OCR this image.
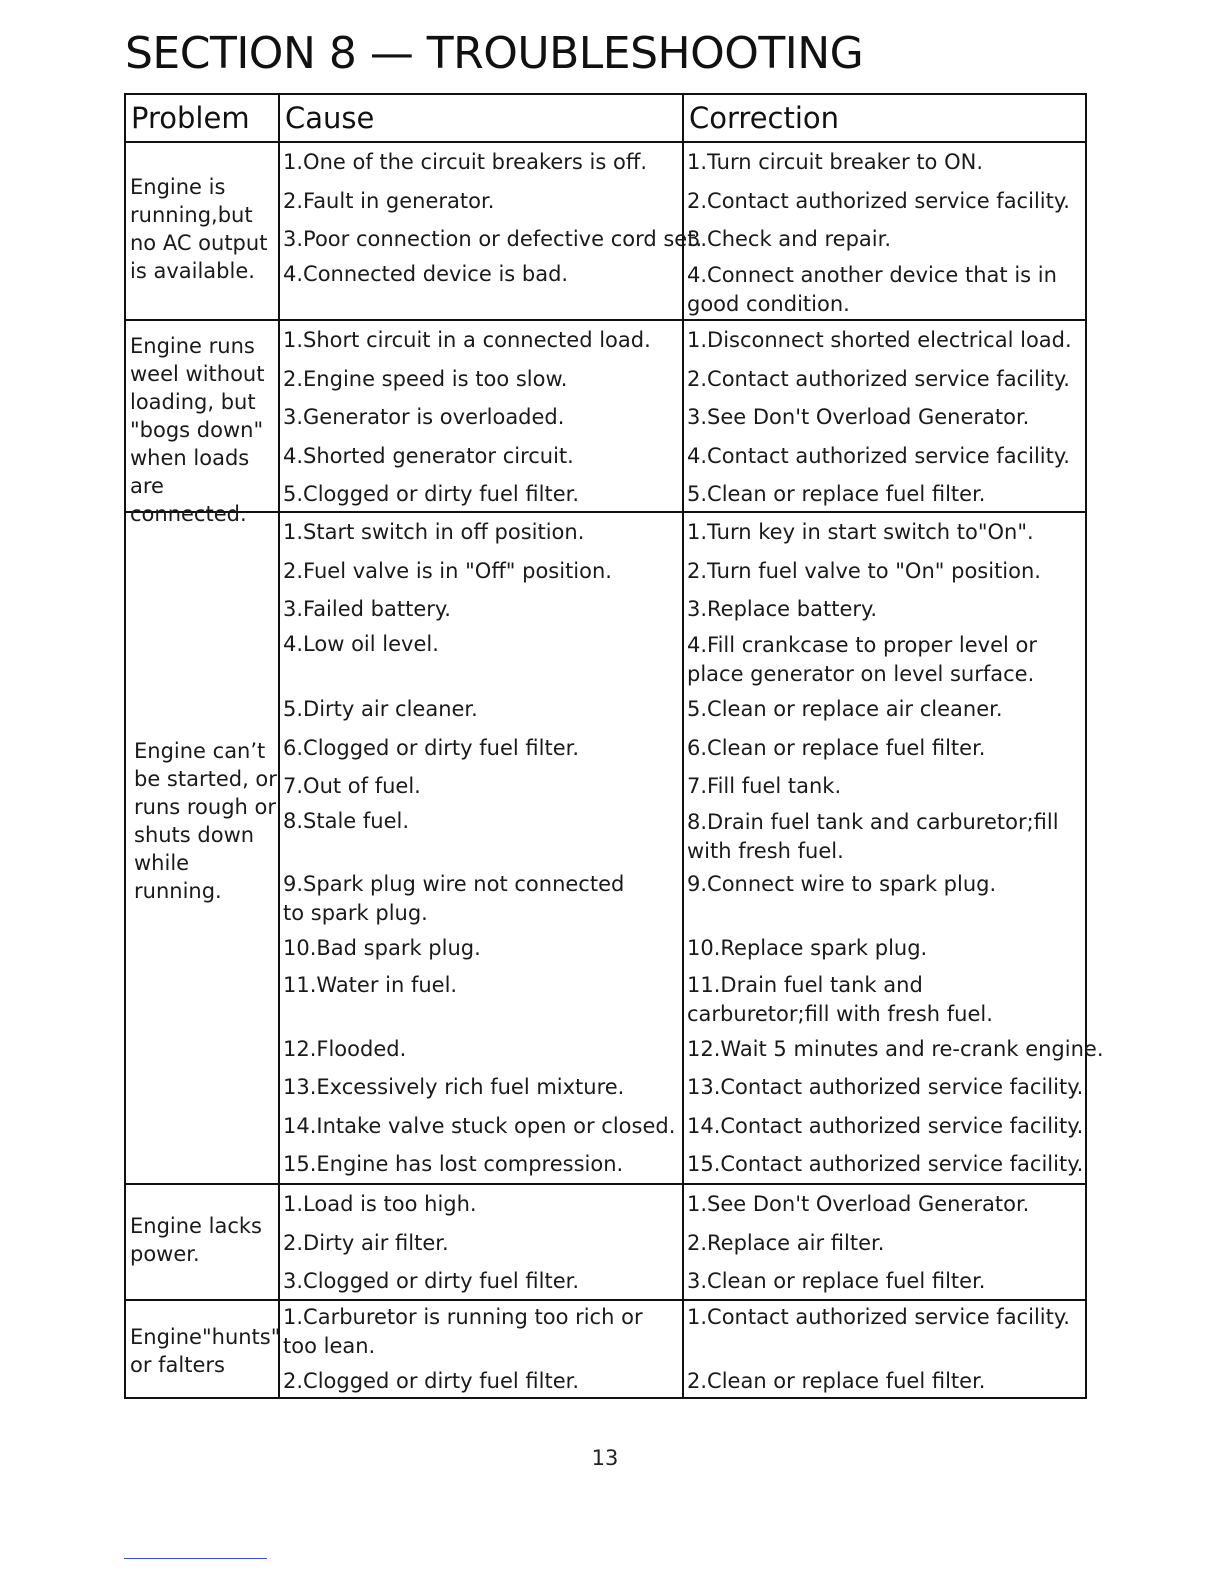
SECTION 8 — TROUBLESHOOTING
Problem	Cause	Correction
Engine is running,but no AC output is available.
1.One of the circuit breakers is off.
2.Fault in generator.
3.Poor connection or defective cord set.
4.Connected device is bad.
1.Turn circuit breaker to ON.
2.Contact authorized service facility.
3.Check and repair.
4.Connect another device that is in good condition.
Engine runs weel without loading, but "bogs down" when loads are connected.
1.Short circuit in a connected load.
2.Engine speed is too slow.
3.Generator is overloaded.
4.Shorted generator circuit.
5.Clogged or dirty fuel filter.
1.Disconnect shorted electrical load.
2.Contact authorized service facility.
3.See Don't Overload Generator.
4.Contact authorized service facility.
5.Clean or replace fuel filter.
Engine can’t be started, or runs rough or shuts down while running.
1.Start switch in off position.
2.Fuel valve is in "Off" position.
3.Failed battery.
4.Low oil level.
5.Dirty air cleaner.
6.Clogged or dirty fuel filter.
7.Out of fuel.
8.Stale fuel.
9.Spark plug wire not connected to spark plug.
10.Bad spark plug.
11.Water in fuel.
12.Flooded.
13.Excessively rich fuel mixture.
14.Intake valve stuck open or closed.
15.Engine has lost compression.
1.Turn key in start switch to"On".
2.Turn fuel valve to "On" position.
3.Replace battery.
4.Fill crankcase to proper level or place generator on level surface.
5.Clean or replace air cleaner.
6.Clean or replace fuel filter.
7.Fill fuel tank.
8.Drain fuel tank and carburetor;fill with fresh fuel.
9.Connect wire to spark plug.
10.Replace spark plug.
11.Drain fuel tank and carburetor;fill with fresh fuel.
12.Wait 5 minutes and re-crank engine.
13.Contact authorized service facility.
14.Contact authorized service facility.
15.Contact authorized service facility.
Engine lacks power.
1.Load is too high.
2.Dirty air filter.
3.Clogged or dirty fuel filter.
1.See Don't Overload Generator.
2.Replace air filter.
3.Clean or replace fuel filter.
Engine"hunts" or falters
1.Carburetor is running too rich or too lean.
2.Clogged or dirty fuel filter.
1.Contact authorized service facility.
2.Clean or replace fuel filter.
13
